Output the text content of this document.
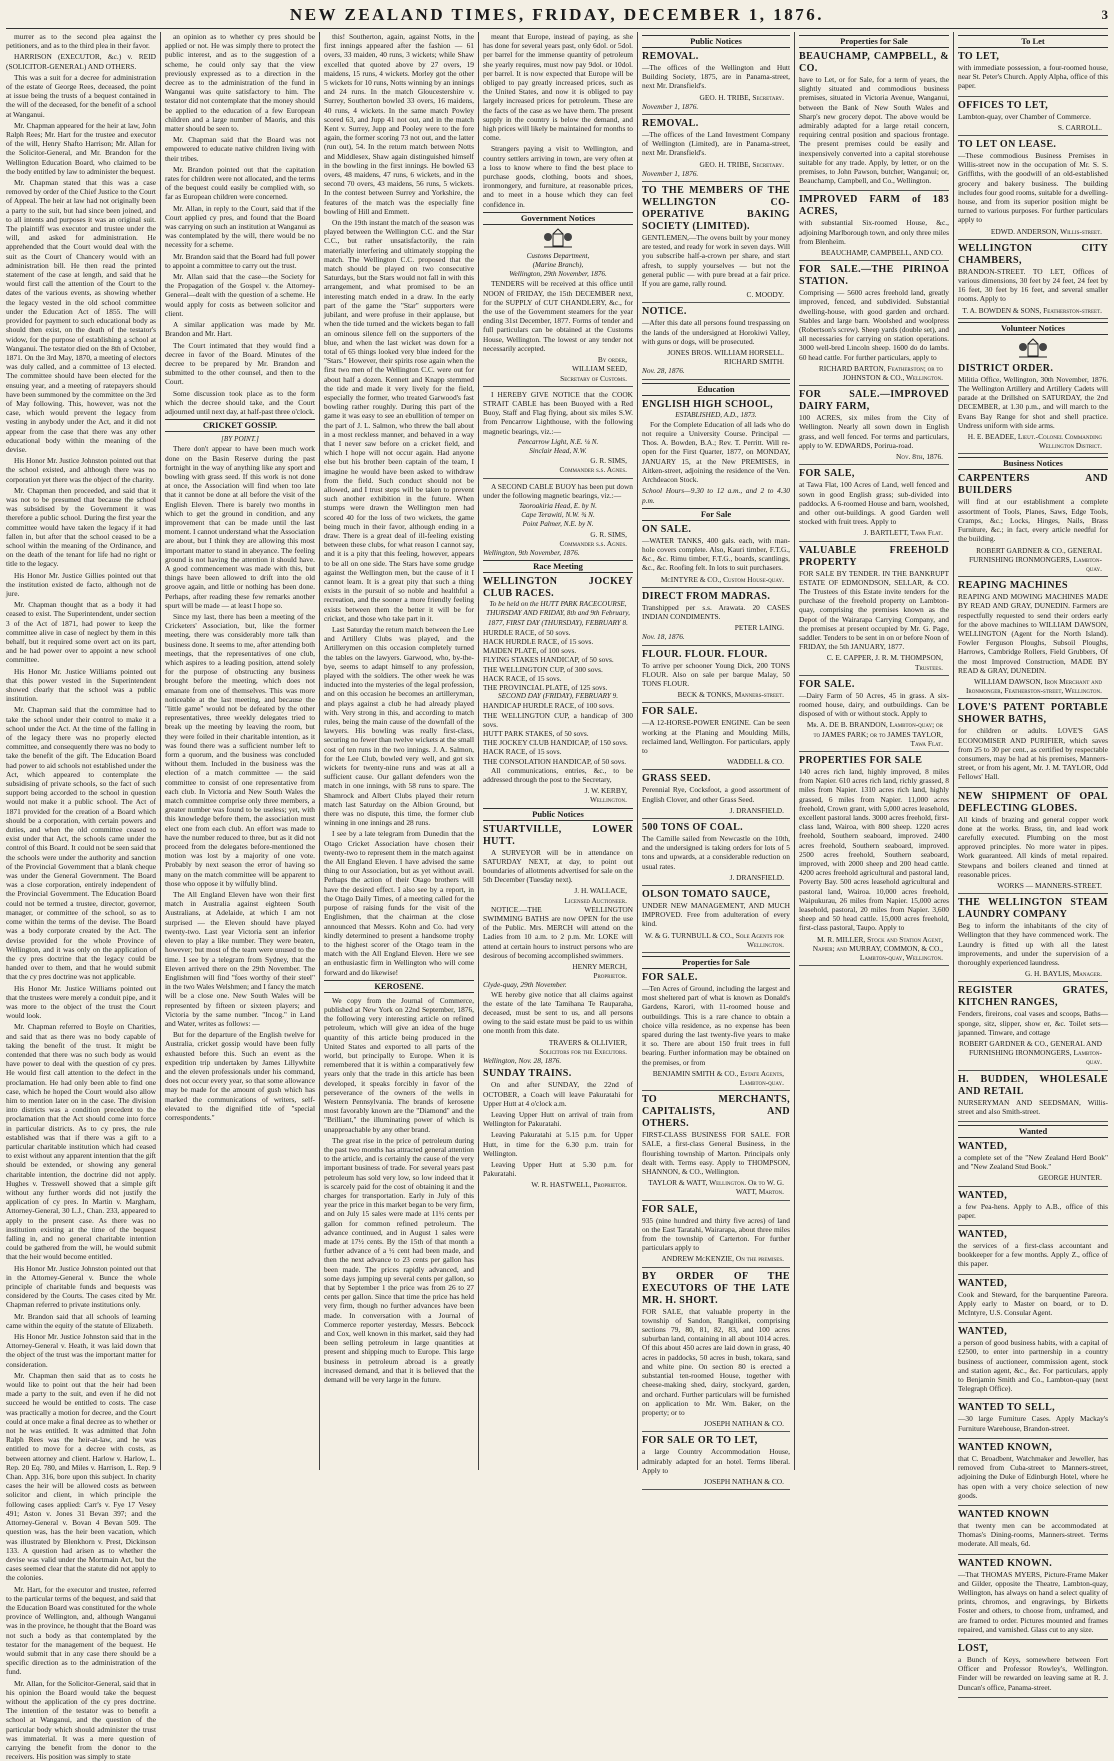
NEW ZEALAND TIMES, FRIDAY, DECEMBER 1, 1876.	3

murrer as to the second plea against the petitioners, and as to the third plea in their favor.

HARRISON (EXECUTOR, &c.) v. REID (SOLICITOR-GENERAL) AND OTHERS.

This was a suit for a decree for administration of the estate of George Rees, deceased, the point at issue being the trusts of a bequest contained in the will of the deceased, for the benefit of a school at Wanganui.

Mr. Chapman appeared for the heir at law, John Ralph Rees; Mr. Hart for the trustee and executor of the will, Henry Shafto Harrison; Mr. Allan for the Solicitor-General, and Mr. Brandon for the Wellington Education Board, who claimed to be the body entitled by law to administer the bequest.

Mr. Chapman stated that this was a case removed by order of the Chief Justice to the Court of Appeal. The heir at law had not originally been a party to the suit, but had since been joined, and to all intents and purposes it was an original suit. The plaintiff was executor and trustee under the will, and asked for administration. He apprehended that the Court would deal with the suit as the Court of Chancery would with an administration bill. He then read the printed statement of the case at length, and said that he would first call the attention of the Court to the dates of the various events, as showing whether the legacy vested in the old school committee under the Education Act of 1855. The will provided for payment to such educational body as should then exist, on the death of the testator's widow, for the purpose of establishing a school at Wanganui. The testator died on the 8th of October, 1871. On the 3rd May, 1870, a meeting of electors was duly called, and a committee of 13 elected. The committee should have been elected for the ensuing year, and a meeting of ratepayers should have been summoned by the committee on the 3rd of May following. This, however, was not the case, which would prevent the legacy from vesting in anybody under the Act, and it did not appear from the case that there was any other educational body within the meaning of the devise.

His Honor Mr. Justice Johnston pointed out that the school existed, and although there was no corporation yet there was the object of the charity.

Mr. Chapman then proceeded, and said that it was not to be presumed that because the school was subsidised by the Government it was therefore a public school. During the first year the committee would have taken the legacy if it had fallen in, but after that the school ceased to be a school within the meaning of the Ordinance, and on the death of the tenant for life had no right or title to the legacy.

His Honor Mr. Justice Gillies pointed out that the institution existed de facto, although not de jure.

Mr. Chapman thought that as a body it had ceased to exist. The Superintendent, under section 3 of the Act of 1871, had power to keep the committee alive in case of neglect by them in this behalf, but it required some overt act on its part, and he had power over to appoint a new school committee.

His Honor Mr. Justice Williams pointed out that this power vested in the Superintendent showed clearly that the school was a public institution.

Mr. Chapman said that the committee had to take the school under their control to make it a school under the Act. At the time of the falling in of the legacy there was no properly elected committee, and consequently there was no body to take the benefit of the gift. The Education Board had power to aid schools not established under the Act, which appeared to contemplate the subsidising of private schools, so the fact of such support being accorded to the school in question would not make it a public school. The Act of 1871 provided for the creation of a Board which should be a corporation, with certain powers and duties, and when the old committee ceased to exist under that Act, the schools came under the control of this Board. It could not be seen said that the schools were under the authority and sanction of the Provincial Government that a blank cheque was under the General Government. The Board was a close corporation, entirely independent of the Provincial Government. The Education Board could not be termed a trustee, director, governor, manager, or committee of the school, so as to come within the terms of the devise. The Board was a body corporate created by the Act. The devise provided for the whole Province of Wellington, and it was only on the application of the cy pres doctrine that the legacy could be handed over to them, and that he would submit that the cy pres doctrine was not applicable.

His Honor Mr. Justice Williams pointed out that the trustees were merely a conduit pipe, and it was more to the object of the trust the Court would look.

Mr. Chapman referred to Boyle on Charities, and said that as there was no body capable of taking the benefit of the trust. It might be contended that there was no such body as would have power to deal with the question of cy pres. He would first call attention to the defect in the proclamation. He had only been able to find one case, which he hoped the Court would also allow him to mention later on in the case. The division into districts was a condition precedent to the proclamation that the Act should come into force in particular districts. As to cy pres, the rule established was that if there was a gift to a particular charitable institution which had ceased to exist without any apparent intention that the gift should be extended, or showing any general charitable intention, the doctrine did not apply. Hughes v. Tresswell showed that a simple gift without any further words did not justify the application of cy pres. In Martin v. Margham, Attorney-General, 30 L.J., Chan. 233, appeared to apply to the present case. As there was no institution existing at the time of the bequest falling in, and no general charitable intention could be gathered from the will, he would submit that the heir would become entitled.

His Honor Mr. Justice Johnston pointed out that in the Attorney-General v. Bunce the whole principle of charitable funds and bequests was considered by the Courts. The cases cited by Mr. Chapman referred to private institutions only.

Mr. Brandon said that all schools of learning came within the equity of the statute of Elizabeth.

His Honor Mr. Justice Johnston said that in the Attorney-General v. Heath, it was laid down that the object of the trust was the important matter for consideration.

Mr. Chapman then said that as to costs he would like to point out that the heir had been made a party to the suit, and even if he did not succeed he would be entitled to costs. The case was practically a motion for decree, and the Court could at once make a final decree as to whether or not he was entitled. It was admitted that John Ralph Rees was the heir-at-law, and he was entitled to move for a decree with costs, as between attorney and client. Harlow v. Harlow, L. Rep. 20 Eq. 780, and Miles v. Harrison, L. Rep. 9 Chan. App. 316, bore upon this subject. In charity cases the heir will be allowed costs as between solicitor and client, in which principle the following cases applied: Carr's v. Fye 17 Vesey 491; Aston v. Jones 31 Bevan 397; and the Attorney-General v. Bovan 4 Bevan 509. The question was, has the heir been vacation, which was illustrated by Blenkhorn v. Prest, Dickinson 133. A question had arisen as to whether the devise was valid under the Mortmain Act, but the cases seemed clear that the statute did not apply to the colonies.

Mr. Hart, for the executor and trustee, referred to the particular terms of the bequest, and said that the Education Board was constituted for the whole province of Wellington, and, although Wanganui was in the province, he thought that the Board was not such a body as that contemplated by the testator for the management of the bequest. He would submit that in any case there should be a specific direction as to the administration of the fund.

Mr. Allan, for the Solicitor-General, said that in his opinion the Board would take the bequest without the application of the cy pres doctrine. The intention of the testator was to benefit a school at Wanganui, and the question of the particular body which should administer the trust was immaterial. It was a mere question of carrying the benefit from the donor to the receivers. His position was simply to state

an opinion as to whether cy pres should be applied or not. He was simply there to protect the public interest, and as to the suggestion of a scheme, he could only say that the view previously expressed as to a direction in the decree as to the administration of the fund in Wanganui was quite satisfactory to him. The testator did not contemplate that the money should be applied to the education of a few European children and a large number of Maoris, and this matter should be seen to.

Mr. Chapman said that the Board was not empowered to educate native children living with their tribes.

Mr. Brandon pointed out that the capitation rates for children were not allocated, and the terms of the bequest could easily be complied with, so far as European children were concerned.

Mr. Allan, in reply to the Court, said that if the Court applied cy pres, and found that the Board was carrying on such an institution at Wanganui as was contemplated by the will, there would be no necessity for a scheme.

Mr. Brandon said that the Board had full power to appoint a committee to carry out the trust.

Mr. Allan said that the case—the Society for the Propagation of the Gospel v. the Attorney-General—dealt with the question of a scheme. He would apply for costs as between solicitor and client.

A similar application was made by Mr. Brandon and Mr. Hart.

The Court intimated that they would find a decree in favor of the Board. Minutes of the decree to be prepared by Mr. Brandon and submitted to the other counsel, and then to the Court.

Some discussion took place as to the form which the decree should take, and the Court adjourned until next day, at half-past three o'clock.

CRICKET GOSSIP.
[BY POINT.]

There don't appear to have been much work done on the Basin Reserve during the past fortnight in the way of anything like any sport and bowling with grass seed. If this work is not done at once, the Association will find when too late that it cannot be done at all before the visit of the English Eleven. There is barely two months in which to get the ground in condition, and any improvement that can be made until the last moment. I cannot understand what the Association are about, but I think they are allowing this most important matter to stand in abeyance. The feeling ground is not having the attention it should have. A good commencement was made with this, but things have been allowed to drift into the old groove again, and little or nothing has been done. Perhaps, after reading these few remarks another spurt will be made — at least I hope so.

Since my last, there has been a meeting of the Cricketers' Association, but, like the former meeting, there was considerably more talk than business done. It seems to me, after attending both meetings, that the representatives of one club, which aspires to a leading position, attend solely for the purpose of obstructing any business brought before the meeting, which does not emanate from one of themselves. This was more noticeable at the last meeting, and because the "little game" would not be defeated by the other representatives, three weekly delegates tried to break up the meeting by leaving the room, but they were foiled in their charitable intention, as it was found there was a sufficient number left to form a quorum, and the business was concluded without them. Included in the business was the election of a match committee — the said committee to consist of one representative from each club. In Victoria and New South Wales the match committee comprise only three members, a greater number was found to be useless; yet, with this knowledge before them, the association must elect one from each club. An effort was made to have the number reduced to three, but as it did not proceed from the delegates before-mentioned the motion was lost by a majority of one vote. Probably by next season the error of having so many on the match committee will be apparent to those who oppose it by wilfully blind.

The All England Eleven have won their first match in Australia against eighteen South Australians, at Adelaide, at which I am not surprised — the Eleven should have played twenty-two. Last year Victoria sent an inferior eleven to play a like number. They were beaten, however; but most of the team were unused to the time. I see by a telegram from Sydney, that the Eleven arrived there on the 29th November. The Englishmen will find "foes worthy of their steel" in the two Wales Welshmen; and I fancy the match will be a close one. New South Wales will be represented by fifteen or sixteen players; and Victoria by the same number. "Incog." in Land and Water, writes as follows: —

But for the departure of the English twelve for Australia, cricket gossip would have been fully exhausted before this. Such an event as the expedition trip undertaken by James Lillywhite and the eleven professionals under his command, does not occur every year, so that some allowance may be made for the amount of gush which has marked the communications of writers, self-elevated to the dignified title of "special correspondents."

this! Southerton, again, against Notts, in the first innings appeared after the fashion — 61 overs, 33 maiden, 40 runs, 3 wickets; while Shaw excelled that quoted above by 27 overs, 19 maidens, 15 runs, 4 wickets. Morley got the other 5 wickets for 10 runs, Notts winning by an innings and 24 runs. In the match Gloucestershire v. Surrey, Southerton bowled 33 overs, 16 maidens, 40 runs, 4 wickets. In the same match Powley scored 63, and Jupp 41 not out, and in the match Kent v. Surrey, Jupp and Pooley were to the fore again, the former scoring 73 not out, and the latter (run out), 54. In the return match between Notts and Middlesex, Shaw again distinguished himself in the bowling in the first innings. He bowled 63 overs, 48 maidens, 47 runs, 6 wickets, and in the second 70 overs, 43 maidens, 56 runs, 5 wickets. In the contest between Surrey and Yorkshire, the features of the match was the especially fine bowling of Hill and Emmett.

On the 19th instant the match of the season was played between the Wellington C.C. and the Star C.C., but rather unsatisfactorily, the rain materially interfering and ultimately stopping the match. The Wellington C.C. proposed that the match should be played on two consecutive Saturdays, but the Stars would not fall in with this arrangement, and what promised to be an interesting match ended in a draw. In the early part of the game the "Star" supporters were jubilant, and were profuse in their applause, but when the tide turned and the wickets began to fall an ominous silence fell on the supporters of the blue, and when the last wicket was down for a total of 65 things looked very blue indeed for the "Stars." However, their spirits rose again when the first two men of the Wellington C.C. were out for about half a dozen. Kennett and Knapp stemmed the tide and made it very lively for the field, especially the former, who treated Garwood's fast bowling rather roughly. During this part of the game it was easy to see an ebullition of temper on the part of J. L. Salmon, who threw the ball about in a most reckless manner, and behaved in a way that I never saw before on a cricket field, and which I hope will not occur again. Had anyone else but his brother been captain of the team, I imagine he would have been asked to withdraw from the field. Such conduct should not be allowed, and I trust steps will be taken to prevent such another exhibition in the future. When stumps were drawn the Wellington men had scored 40 for the loss of two wickets, the game being much in their favor, although ending in a draw. There is a great deal of ill-feeling existing between these clubs, for what reason I cannot say, and it is a pity that this feeling, however, appears to be all on one side. The Stars have some grudge against the Wellington men, but the cause of it I cannot learn. It is a great pity that such a thing exists in the pursuit of so noble and healthful a recreation, and the sooner a more friendly feeling exists between them the better it will be for cricket, and those who take part in it.

Last Saturday the return match between the Lee and Artillery Clubs was played, and the Artillerymen on this occasion completely turned the tables on the lawyers. Garwood, who, by-the-bye, seems to adapt himself to any profession, played with the soldiers. The other week he was inducted into the mysteries of the legal profession, and on this occasion he becomes an artilleryman, and plays against a club he had already played with. Very strong in this, and according to match rules, being the main cause of the downfall of the lawyers. His bowling was really first-class, securing no fewer than twelve wickets at the small cost of ten runs in the two innings. J. A. Salmon, for the Lee Club, bowled very well, and got six wickets for twenty-nine runs and was at all a sufficient cause. Our gallant defenders won the match in one innings, with 58 runs to spare. The Shamrock and Albert Clubs played their return match last Saturday on the Albion Ground, but there was no dispute, this time, the former club winning in one innings and 28 runs.

I see by a late telegram from Dunedin that the Otago Cricket Association have chosen their twenty-two to represent them in the match against the All England Eleven. I have advised the same thing to our Association, but as yet without avail. Perhaps the action of their Otago brothers will have the desired effect. I also see by a report, in the Otago Daily Times, of a meeting called for the purpose of raising funds for the visit of the Englishmen, that the chairman at the close announced that Messrs. Kohn and Co. had very kindly determined to present a handsome trophy to the highest scorer of the Otago team in the match with the All England Eleven. Here we see an enthusiastic firm in Wellington who will come forward and do likewise!

KEROSENE.

We copy from the Journal of Commerce, published at New York on 22nd September, 1876, the following very interesting article on refined petroleum, which will give an idea of the huge quantity of this article being produced in the United States and exported to all parts of the world, but principally to Europe. When it is remembered that it is within a comparatively few years only that the trade in this article has been developed, it speaks forcibly in favor of the perseverance of the owners of the wells in Western Pennsylvania. The brands of kerosene most favorably known are the "Diamond" and the "Brilliant," the illuminating power of which is unapproachable by any other brand.

The great rise in the price of petroleum during the past two months has attracted general attention to the article, and is certainly the cause of the very important business of trade. For several years past petroleum has sold very low, so low indeed that it is scarcely paid for the cost of obtaining it and the charges for transportation. Early in July of this year the price in this market began to be very firm, and on July 15 sales were made at 11½ cents per gallon for common refined petroleum. The advance continued, and in August 1 sales were made at 17½ cents. By the 15th of that month a further advance of a ½ cent had been made, and then the next advance to 23 cents per gallon has been made. The prices rapidly advanced, and some days jumping up several cents per gallon, so that by September 1 the price was from 26 to 27 cents per gallon. Since that time the price has held very firm, though no further advances have been made. In conversation with a Journal of Commerce reporter yesterday, Messrs. Bebcock and Cox, well known in this market, said they had been selling petroleum in large quantities at present and shipping much to Europe. This large business in petroleum abroad is a greatly increased demand, and that it is believed that the demand will be very large in the future.

meant that Europe, instead of paying, as she has done for several years past, only 6dol. or 5dol. per barrel for the immense quantity of petroleum she yearly requires, must now pay 9dol. or 10dol. per barrel. It is now expected that Europe will be obliged to pay greatly increased prices, such as the United States, and now it is obliged to pay largely increased prices for petroleum. These are the facts of the case as we have them. The present supply in the country is below the demand, and high prices will likely be maintained for months to come.

Strangers paying a visit to Wellington, and country settlers arriving in town, are very often at a loss to know where to find the best place to purchase goods, clothing, boots and shoes, ironmongery, and furniture, at reasonable prices, and to meet in a house which they can feel confidence in.

Government Notices
Customs Department,
(Marine Branch),
Wellington, 29th November, 1876.

TENDERS will be received at this office until NOON of FRIDAY, the 15th DECEMBER next, for the SUPPLY of CUT CHANDLERY, &c., for the use of the Government steamers for the year ending 31st December, 1877. Forms of tender and full particulars can be obtained at the Customs House, Wellington. The lowest or any tender not necessarily accepted.

By order,
WILLIAM SEED,
Secretary of Customs.

I HEREBY GIVE NOTICE that the COOK STRAIT CABLE has been Buoyed with a Red Buoy, Staff and Flag flying, about six miles S.W. from Pencarrow Lighthouse, with the following magnetic bearings, viz.:—

Pencarrow Light, N.E. ¼ N.
Sinclair Head, N.W.
G. R. SIMS,
Commander s.s. Agnes.

A SECOND CABLE BUOY has been put down under the following magnetic bearings, viz.:—

Taoroakiria Head, E. by N.
Cape Terawiti, N.W. ¾ N.
Point Palmer, N.E. by N.
G. R. SIMS,
Commander s.s. Agnes.
Wellington, 9th November, 1876.
Race Meeting
WELLINGTON JOCKEY CLUB RACES.
To be held on the HUTT PARK RACECOURSE,
THURSDAY AND FRIDAY, 8th and 9th February, 1877, FIRST DAY (THURSDAY), FEBRUARY 8.
HURDLE RACE, of 50 sovs.
HACK HURDLE RACE, of 15 sovs.
MAIDEN PLATE, of 100 sovs.
FLYING STAKES HANDICAP, of 50 sovs.
THE WELLINGTON CUP, of 300 sovs.
HACK RACE, of 15 sovs.
THE PROVINCIAL PLATE, of 125 sovs.
SECOND DAY (FRIDAY), FEBRUARY 9.
HANDICAP HURDLE RACE, of 100 sovs.
THE WELLINGTON CUP, a handicap of 300 sovs.
HUTT PARK STAKES, of 50 sovs.
THE JOCKEY CLUB HANDICAP, of 150 sovs.
HACK RACE, of 15 sovs.
THE CONSOLATION HANDICAP, of 50 sovs.

All communications, entries, &c., to be addressed through the post to the Secretary,

J. W. KERBY,
Wellington.
Public Notices
STUARTVILLE, LOWER HUTT.

A SURVEYOR will be in attendance on SATURDAY NEXT, at day, to point out boundaries of allotments advertised for sale on the 5th December (Tuesday next).

J. H. WALLACE,
Licensed Auctioneer.

NOTICE.—THE WELLINGTON SWIMMING BATHS are now OPEN for the use of the Public. Mrs. MERCH will attend on the Ladies from 10 a.m. to 2 p.m. Mr. LOKE will attend at certain hours to instruct persons who are desirous of becoming accomplished swimmers.

HENRY MERCH,
Proprietor.
Clyde-quay, 29th November.

WE hereby give notice that all claims against the estate of the late Tamihana Te Rauparaha, deceased, must be sent to us, and all persons owing to the said estate must be paid to us within one month from this date.

TRAVERS & OLLIVIER,
Solicitors for the Executors.
Wellington, Nov. 28, 1876.
SUNDAY TRAINS.

On and after SUNDAY, the 22nd of OCTOBER, a Coach will leave Pakuratahi for Upper Hutt at 4 o'clock a.m.

Leaving Upper Hutt on arrival of train from Wellington for Pakuratahi.

Leaving Pakuratahi at 5.15 p.m. for Upper Hutt, in time for the 6.30 p.m. train for Wellington.

Leaving Upper Hutt at 5.30 p.m. for Pakuratahi.

W. R. HASTWELL, Proprietor.
Public Notices
REMOVAL.

—The offices of the Wellington and Hutt Building Society, 1875, are in Panama-street, next Mr. Dransfield's.

GEO. H. TRIBE, Secretary.
November 1, 1876.
REMOVAL.

—The offices of the Land Investment Company of Wellington (Limited), are in Panama-street, next Mr. Dransfield's.

GEO. H. TRIBE, Secretary.
November 1, 1876.
TO THE MEMBERS OF THE WELLINGTON CO-OPERATIVE BAKING SOCIETY (LIMITED).

GENTLEMEN,—The ovens built by your money are tested, and ready for work in seven days. Will you subscribe half-a-crown per share, and start afresh, to supply yourselves — but not the general public — with pure bread at a fair price. If you are game, rally round.

C. MOODY.
NOTICE.

—After this date all persons found trespassing on the lands of the undersigned at Horokiwi Valley, with guns or dogs, will be prosecuted.

JONES BROS. WILLIAM HORSELL. RICHARD SMITH.
Nov. 28, 1876.
Education
ENGLISH HIGH SCHOOL,
ESTABLISHED, A.D., 1873.

For the Complete Education of all lads who do not require a University Course. Principal — Thos. A. Bowden, B.A.; Rev. T. Perritt. Will re-open for the First Quarter, 1877, on MONDAY, JANUARY 15, at the New PREMISES, in Aitken-street, adjoining the residence of the Ven. Archdeacon Stock.

School Hours—9.30 to 12 a.m., and 2 to 4.30 p.m.
For Sale
ON SALE.

—WATER TANKS, 400 gals. each, with man-hole covers complete. Also, Kauri timber, F.T.G., &c., &c. Rimu timber, F.T.G., boards, scantlings, &c., &c. Roofing felt. In lots to suit purchasers.

McINTYRE & CO., Custom House-quay.
DIRECT FROM MADRAS.

Transhipped per s.s. Arawata. 20 CASES INDIAN CONDIMENTS.

PETER LAING.
Nov. 18, 1876.
FLOUR. FLOUR. FLOUR.

To arrive per schooner Young Dick, 200 TONS FLOUR. Also on sale per barque Malay, 50 TONS FLOUR.

BECK & TONKS, Manners-street.
FOR SALE.

—A 12-HORSE-POWER ENGINE. Can be seen working at the Planing and Moulding Mills, reclaimed land, Wellington. For particulars, apply to

WADDELL & CO.
GRASS SEED.

Perennial Rye, Cocksfoot, a good assortment of English Clover, and other Grass Seed.

J. DRANSFIELD.
500 TONS OF COAL.

The Camille sailed from Newcastle on the 10th, and the undersigned is taking orders for lots of 5 tons and upwards, at a considerable reduction on usual rates.

J. DRANSFIELD.
OLSON TOMATO SAUCE,

UNDER NEW MANAGEMENT, AND MUCH IMPROVED. Free from adulteration of every kind.

W. & G. TURNBULL & CO., Sole Agents for Wellington.
Properties for Sale
FOR SALE.

—Ten Acres of Ground, including the largest and most sheltered part of what is known as Donald's Gardens, Karori, with 11-roomed house and outbuildings. This is a rare chance to obtain a choice villa residence, as no expense has been spared during the last twenty-five years to make it so. There are about 150 fruit trees in full bearing. Further information may be obtained on the premises, or from

BENJAMIN SMITH & CO., Estate Agents, Lambton-quay.
TO MERCHANTS, CAPITALISTS, AND OTHERS.

FIRST-CLASS BUSINESS FOR SALE. FOR SALE, a first-class General Business, in the flourishing township of Marton. Principals only dealt with. Terms easy. Apply to THOMPSON, SHANNON, & CO., Wellington.

TAYLOR & WATT, Wellington. Or to W. G. WATT, Marton.
FOR SALE,

935 (nine hundred and thirty five acres) of land on the East Taratahi, Wairarapa, about three miles from the township of Carterton. For further particulars apply to

ANDREW McKENZIE, On the premises.
BY ORDER OF THE EXECUTORS OF THE LATE MR. H. SHORT.

FOR SALE, that valuable property in the township of Sandon, Rangitikei, comprising sections 79, 80, 81, 82, 83, and 100 acres suburban land, containing in all about 1014 acres. Of this about 450 acres are laid down in grass, 40 acres in paddocks, 50 acres in bush, tokara, sand and white pine. On section 80 is erected a substantial ten-roomed House, together with cheese-making shed, dairy, stockyard, garden, and orchard. Further particulars will be furnished on application to Mr. Wm. Baker, on the property; or to

JOSEPH NATHAN & CO.
FOR SALE OR TO LET,

a large Country Accommodation House, admirably adapted for an hotel. Terms liberal. Apply to

JOSEPH NATHAN & CO.
Properties for Sale
BEAUCHAMP, CAMPBELL, & CO.

have to Let, or for Sale, for a term of years, the slightly situated and commodious business premises, situated in Victoria Avenue, Wanganui, between the Bank of New South Wales and Sharp's new grocery depot. The above would be admirably adapted for a large retail concern, requiring central position and spacious frontage. The present premises could be easily and inexpensively converted into a capital storehouse suitable for any trade. Apply, by letter, or on the premises, to John Pawson, butcher, Wanganui; or, Beauchamp, Campbell, and Co., Wellington.

IMPROVED FARM of 183 ACRES,

with substantial Six-roomed House, &c., adjoining Marlborough town, and only three miles from Blenheim.

BEAUCHAMP, CAMPBELL, AND CO.
FOR SALE.—THE PIRINOA STATION.

Comprising — 5600 acres freehold land, greatly improved, fenced, and subdivided. Substantial dwelling-house, with good garden and orchard. Stables and large barn. Woolshed and woolpress (Robertson's screw). Sheep yards (double set), and all necessaries for carrying on station operations. 3000 well-bred Lincoln sheep. 1600 do do lambs. 60 head cattle. For further particulars, apply to

RICHARD BARTON, Featherston; or to JOHNSTON & CO., Wellington.
FOR SALE.—IMPROVED DAIRY FARM,

100 ACRES, six miles from the City of Wellington. Nearly all sown down in English grass, and well fenced. For terms and particulars, apply to W. EDWARDS, Porirua-road.

Nov. 8th, 1876.
FOR SALE,

at Tawa Flat, 100 Acres of Land, well fenced and sown in good English grass; sub-divided into paddocks. A 6-roomed House and barn, woolshed, and other out-buildings. A good Garden well stocked with fruit trees. Apply to

J. BARTLETT, Tawa Flat.
VALUABLE FREEHOLD PROPERTY

FOR SALE BY TENDER. IN THE BANKRUPT ESTATE OF EDMONDSON, SELLAR, & CO. The Trustees of this Estate invite tenders for the purchase of the freehold property on Lambton-quay, comprising the premises known as the Depot of the Wairarapa Carrying Company, and the premises at present occupied by Mr. G. Page, saddler. Tenders to be sent in on or before Noon of FRIDAY, the 5th JANUARY, 1877.

C. E. CAPPER, J. R. M. THOMPSON, Trustees.
FOR SALE.

—Dairy Farm of 50 Acres, 45 in grass. A six-roomed house, dairy, and outbuildings. Can be disposed of with or without stock. Apply to

Mr. A. DE B. BRANDON, Lambton-quay; or to JAMES PARK; or to JAMES TAYLOR, Tawa Flat.
PROPERTIES FOR SALE

140 acres rich land, highly improved, 8 miles from Napier. 610 acres rich land, richly grassed, 8 miles from Napier. 1310 acres rich land, highly grassed, 6 miles from Napier. 11,000 acres freehold, Crown grant, with 5,000 acres leasehold, excellent pastoral lands. 3000 acres freehold, first-class land, Wairoa, with 800 sheep. 1220 acres freehold, Southern seaboard, improved. 2400 acres freehold, Southern seaboard, improved. 2500 acres freehold, Southern seaboard, improved, with 2000 sheep and 200 head cattle. 4200 acres freehold agricultural and pastoral land, Poverty Bay. 500 acres leasehold agricultural and pastoral land, Wairoa. 10,000 acres freehold, Waipukurau, 26 miles from Napier. 15,000 acres leasehold, pastoral, 20 miles from Napier. 3,600 sheep and 50 head cattle. 15,000 acres freehold, first-class pastoral, Taupo. Apply to

M. R. MILLER, Stock and Station Agent, Napier; and MURRAY, COMMON, & CO., Lambton-quay, Wellington.
To Let
TO LET,

with immediate possession, a four-roomed house, near St. Peter's Church. Apply Alpha, office of this paper.

OFFICES TO LET,

Lambton-quay, over Chamber of Commerce.

S. CARROLL.
TO LET ON LEASE.

—These commodious Business Premises in Willis-street now in the occupation of Mr. S. S. Griffiths, with the goodwill of an old-established grocery and bakery business. The building includes four good rooms, suitable for a dwelling-house, and from its superior position might be turned to various purposes. For further particulars apply to

EDWD. ANDERSON, Willis-street.
WELLINGTON CITY CHAMBERS,

BRANDON-STREET. TO LET, Offices of various dimensions, 30 feet by 24 feet, 24 feet by 16 feet, 30 feet by 16 feet, and several smaller rooms. Apply to

T. A. BOWDEN & SONS, Featherston-street.
Volunteer Notices
DISTRICT ORDER.

Militia Office, Wellington, 30th November, 1876. The Wellington Artillery and Artillery Cadets will parade at the Drillshed on SATURDAY, the 2nd DECEMBER, at 1.30 p.m., and will march to the Evans Bay Range for shot and shell practice. Undress uniform with side arms.

H. E. BEADEE, Lieut.-Colonel Commanding Wellington District.
Business Notices
CARPENTERS AND BUILDERS

will find at our establishment a complete assortment of Tools, Planes, Saws, Edge Tools, Cramps, &c.; Locks, Hinges, Nails, Brass Furniture, &c.; in fact, every article needful for the building.

ROBERT GARDNER & CO., GENERAL FURNISHING IRONMONGERS, Lambton-quay.
REAPING MACHINES

REAPING AND MOWING MACHINES MADE BY READ AND GRAY, DUNEDIN. Farmers are respectfully requested to send their orders early for the above machines to WILLIAM DAWSON, WELLINGTON (Agent for the North Island). Fowler Ferguson Ploughs, Subsoil Ploughs, Harrows, Cambridge Rollers, Field Grubbers, Of the most Improved Construction, MADE BY READ & GRAY, DUNEDIN.

WILLIAM DAWSON, Iron Merchant and Ironmonger, Featherston-street, Wellington.
LOVE'S PATENT PORTABLE SHOWER BATHS,

for children or adults. LOVE'S GAS ECONOMISER AND PURIFIER, which saves from 25 to 30 per cent., as certified by respectable consumers, may be had at his premises, Manners-street, or from his agent, Mr. J. M. TAYLOR, Odd Fellows' Hall.

NEW SHIPMENT OF OPAL DEFLECTING GLOBES.

All kinds of brazing and general copper work done at the works. Brass, tin, and lead work carefully executed. Plumbing on the most approved principles. No more water in pipes. Work guaranteed. All kinds of metal repaired. Stewpans and boilers cleaned and tinned at reasonable prices.

WORKS — MANNERS-STREET.
THE WELLINGTON STEAM LAUNDRY COMPANY

Beg to inform the inhabitants of the city of Wellington that they have commenced work. The Laundry is fitted up with all the latest improvements, and under the supervision of a thoroughly experienced laundress.

G. H. BAYLIS, Manager.
REGISTER GRATES, KITCHEN RANGES,

Fenders, fireirons, coal vases and scoops, Baths—sponge, sitz, slipper, show er, &c. Toilet sets—japanned. Tinware, and cottage

ROBERT GARDNER & CO., GENERAL AND FURNISHING IRONMONGERS, Lambton-quay.
H. BUDDEN, WHOLESALE AND RETAIL

NURSERYMAN AND SEEDSMAN, Willis-street and also Smith-street.

Wanted
WANTED,

a complete set of the "New Zealand Herd Book" and "New Zealand Stud Book."

GEORGE HUNTER.
WANTED,

a few Pea-hens. Apply to A.B., office of this paper.

WANTED,

the services of a first-class accountant and bookkeeper for a few months. Apply Z., office of this paper.

WANTED,

Cook and Steward, for the barquentine Pareora. Apply early to Master on board, or to D. McIntyre, U.S. Consular Agent.

WANTED,

a person of good business habits, with a capital of £2500, to enter into partnership in a country business of auctioneer, commission agent, stock and station agent, &c., &c. For particulars, apply to Benjamin Smith and Co., Lambton-quay (next Telegraph Office).

WANTED TO SELL,

—30 large Furniture Cases. Apply Mackay's Furniture Warehouse, Brandon-street.

WANTED KNOWN,

that C. Broadbent, Watchmaker and Jeweller, has removed from Cuba-street to Manners-street, adjoining the Duke of Edinburgh Hotel, where he has open with a very choice selection of new goods.

WANTED KNOWN

that twenty men can be accommodated at Thomas's Dining-rooms, Manners-street. Terms moderate. All meals, 6d.

WANTED KNOWN.

—That THOMAS MYERS, Picture-Frame Maker and Gilder, opposite the Theatre, Lambton-quay, Wellington, has always on hand a select quality of prints, chromos, and engravings, by Birketts Foster and others, to choose from, unframed, and are framed to order. Pictures mounted and frames repaired, and varnished. Glass cut to any size.

LOST,

a Bunch of Keys, somewhere between Fort Officer and Professor Rowley's, Wellington. Finder will be rewarded on leaving same at R. J. Duncan's office, Panama-street.
